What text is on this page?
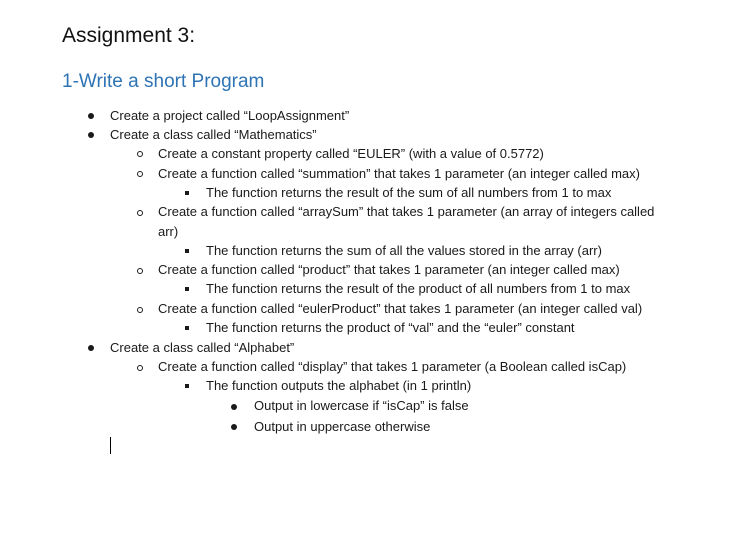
Assignment 3:
1-Write a short Program
Create a project called “LoopAssignment”
Create a class called “Mathematics”
Create a constant property called “EULER” (with a value of 0.5772)
Create a function called “summation” that takes 1 parameter (an integer called max)
The function returns the result of the sum of all numbers from 1 to max
Create a function called “arraySum” that takes 1 parameter (an array of integers called
arr)
The function returns the sum of all the values stored in the array (arr)
Create a function called “product” that takes 1 parameter (an integer called max)
The function returns the result of the product of all numbers from 1 to max
Create a function called “eulerProduct” that takes 1 parameter (an integer called val)
The function returns the product of “val” and the “euler” constant
Create a class called “Alphabet”
Create a function called “display” that takes 1 parameter (a Boolean called isCap)
The function outputs the alphabet (in 1 println)
Output in lowercase if “isCap” is false
Output in uppercase otherwise
